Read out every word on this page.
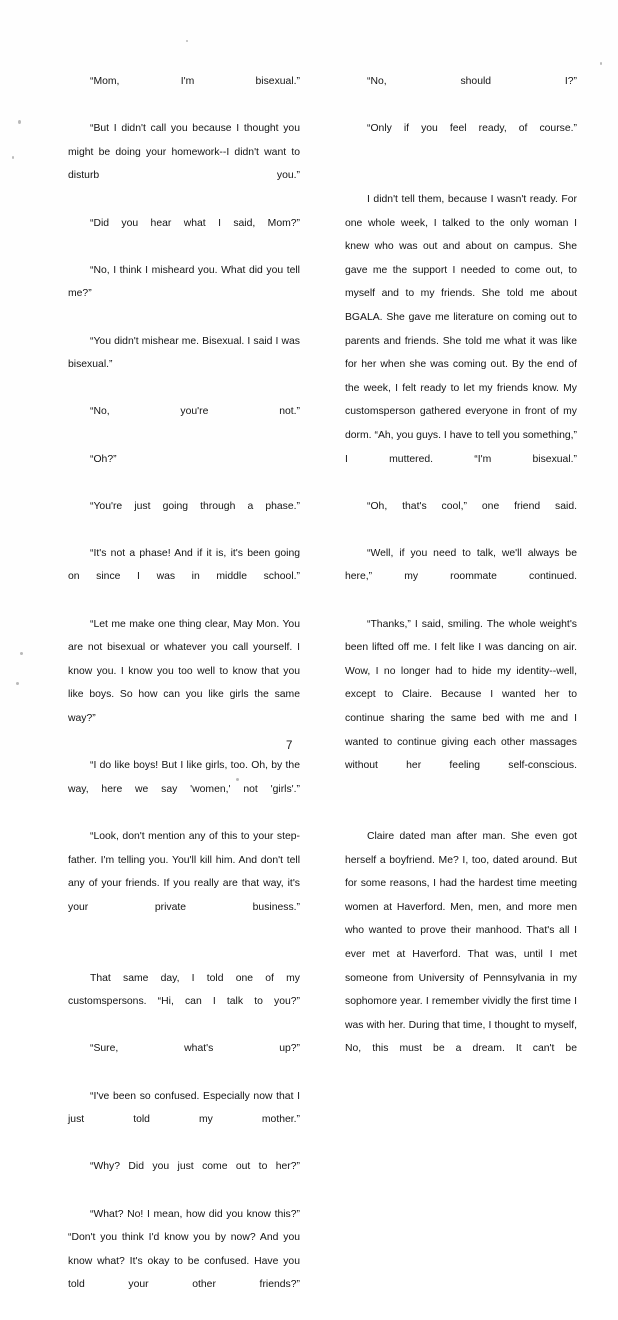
“Mom, I'm bisexual.”

“But I didn't call you because I thought you might be doing your homework--I didn't want to disturb you.”

“Did you hear what I said, Mom?”

“No, I think I misheard you. What did you tell me?”

“You didn't mishear me. Bisexual. I said I was bisexual.”

“No, you're not.”

“Oh?”

“You're just going through a phase.”

“It's not a phase! And if it is, it's been going on since I was in middle school.”

“Let me make one thing clear, May Mon. You are not bisexual or whatever you call yourself. I know you. I know you too well to know that you like boys. So how can you like girls the same way?”

“I do like boys! But I like girls, too. Oh, by the way, here we say 'women,' not 'girls'.”

“Look, don't mention any of this to your step-father. I'm telling you. You'll kill him. And don't tell any of your friends. If you really are that way, it's your private business.”

That same day, I told one of my customspersons. “Hi, can I talk to you?”

“Sure, what's up?”

“I've been so confused. Especially now that I just told my mother.”

“Why? Did you just come out to her?”

“What? No! I mean, how did you know this?” “Don't you think I'd know you by now? And you know what? It's okay to be confused. Have you told your other friends?”

“No, should I?”

“Only if you feel ready, of course.”

I didn't tell them, because I wasn't ready. For one whole week, I talked to the only woman I knew who was out and about on campus. She gave me the support I needed to come out, to myself and to my friends. She told me about BGALA. She gave me literature on coming out to parents and friends. She told me what it was like for her when she was coming out. By the end of the week, I felt ready to let my friends know. My customsperson gathered everyone in front of my dorm. “Ah, you guys. I have to tell you something,” I muttered. “I'm bisexual.”

“Oh, that's cool,” one friend said.

“Well, if you need to talk, we'll always be here,” my roommate continued.

“Thanks,” I said, smiling. The whole weight's been lifted off me. I felt like I was dancing on air. Wow, I no longer had to hide my identity--well, except to Claire. Because I wanted her to continue sharing the same bed with me and I wanted to continue giving each other massages without her feeling self-conscious.

Claire dated man after man. She even got herself a boyfriend. Me? I, too, dated around. But for some reasons, I had the hardest time meeting women at Haverford. Men, men, and more men who wanted to prove their manhood. That's all I ever met at Haverford. That was, until I met someone from University of Pennsylvania in my sophomore year. I remember vividly the first time I was with her. During that time, I thought to myself, No, this must be a dream. It can't be

7
